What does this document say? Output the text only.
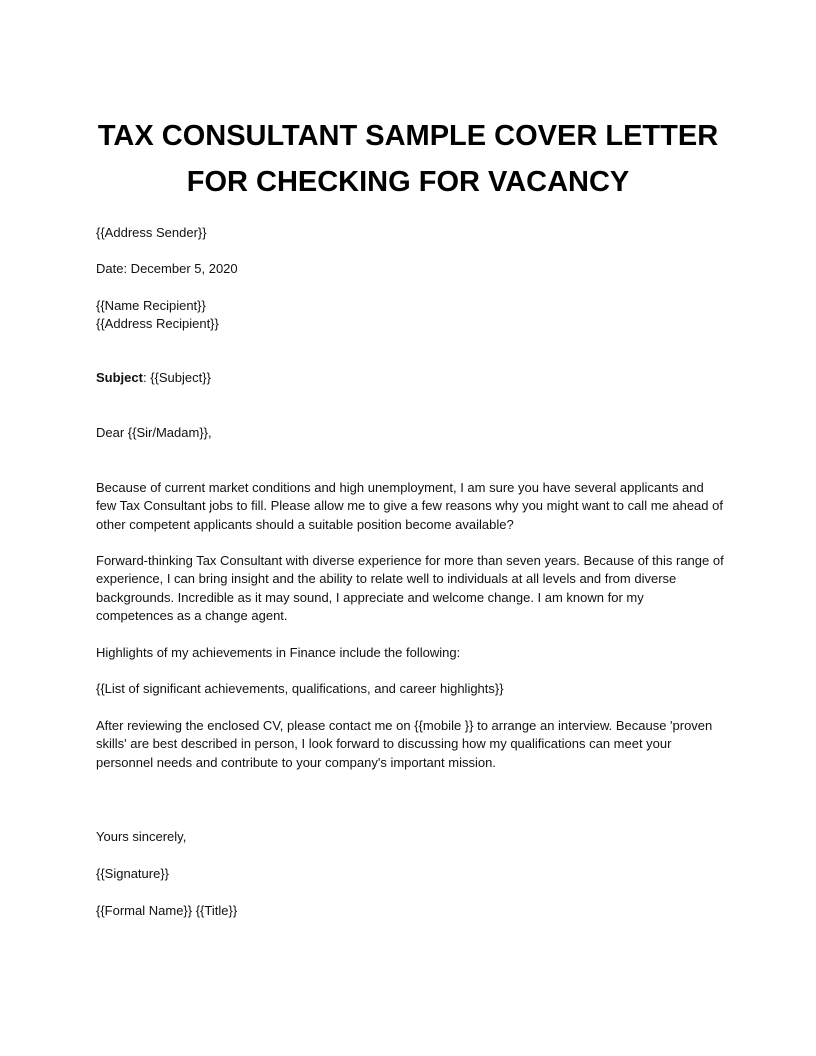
TAX CONSULTANT SAMPLE COVER LETTER
FOR CHECKING FOR VACANCY
{{Address Sender}}
Date: December 5, 2020
{{Name Recipient}}
{{Address Recipient}}
Subject: {{Subject}}
Dear {{Sir/Madam}},
Because of current market conditions and high unemployment, I am sure you have several applicants and few Tax Consultant jobs to fill. Please allow me to give a few reasons why you might want to call me ahead of other competent applicants should a suitable position become available?
Forward-thinking Tax Consultant with diverse experience for more than seven years. Because of this range of experience, I can bring insight and the ability to relate well to individuals at all levels and from diverse backgrounds. Incredible as it may sound, I appreciate and welcome change. I am known for my competences as a change agent.
Highlights of my achievements in Finance include the following:
{{List of significant achievements, qualifications, and career highlights}}
After reviewing the enclosed CV, please contact me on {{mobile }} to arrange an interview. Because 'proven skills' are best described in person, I look forward to discussing how my qualifications can meet your personnel needs and contribute to your company's important mission.
Yours sincerely,
{{Signature}}
{{Formal Name}} {{Title}}
